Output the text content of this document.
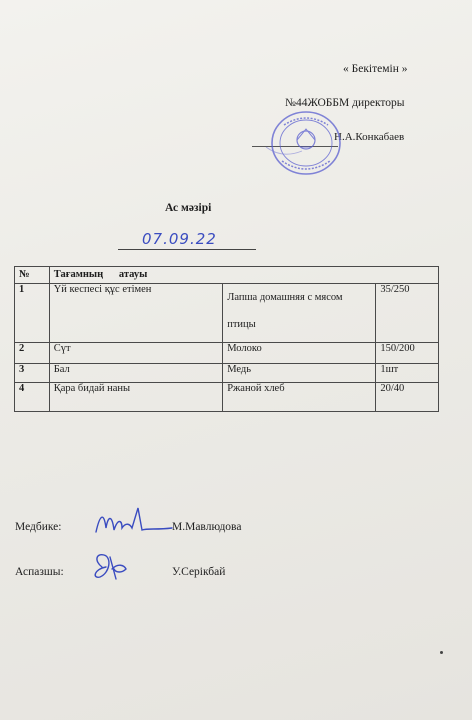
« Бекітемін »
№44ЖОББМ директоры
Н.А.Конкабаев
Ас мәзірі
07.09.22
№	Тағамның      атауы		
1	Үй кеспесі құс етімен	Лапша домашняя с мясом птицы	35/250
2	Сүт	Молоко	150/200
3	Бал	Медь	1шт
4	Қара бидай наны	Ржаной хлеб	20/40
Медбике:	М.Мавлюдова
Аспазшы:	У.Серікбай
